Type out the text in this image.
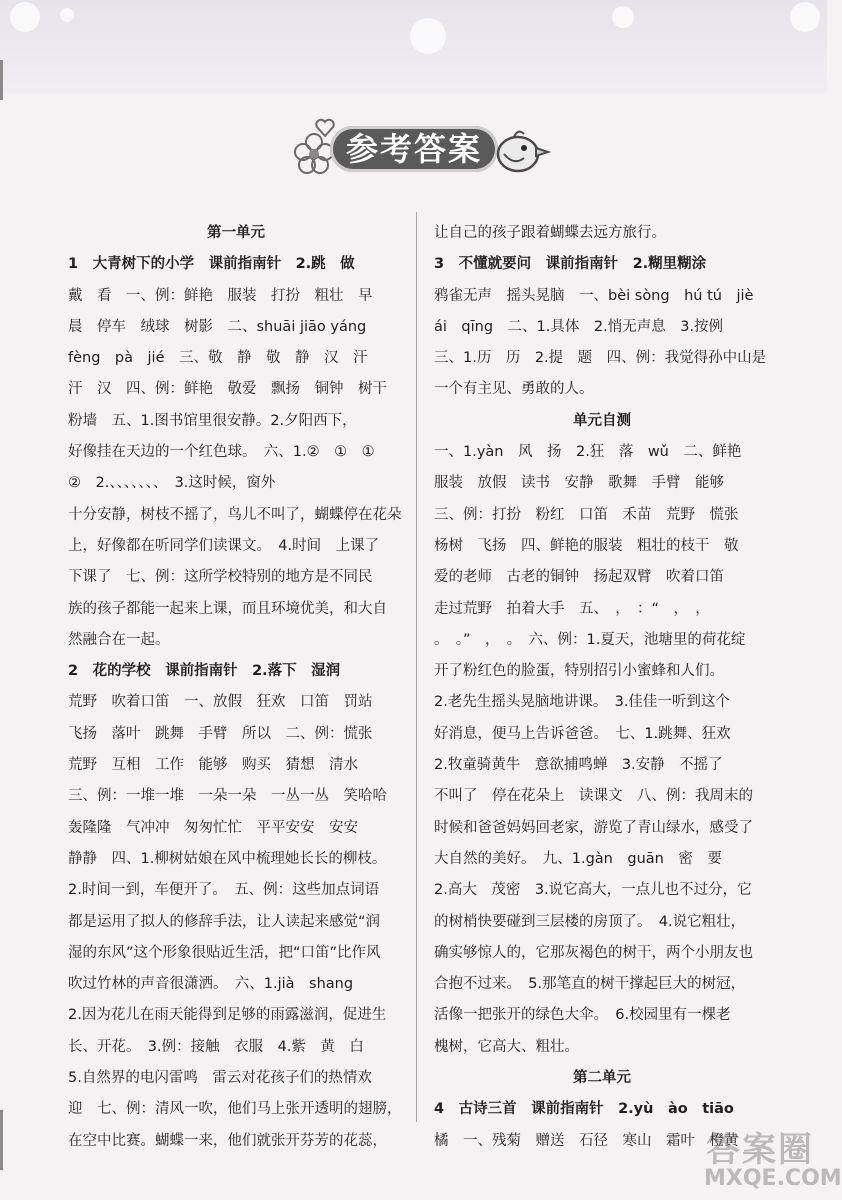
参考答案
第一单元
1　大青树下的小学　课前指南针　2.跳　做
戴　看　一、例：鲜艳　服装　打扮　粗壮　早
晨　停车　绒球　树影　二、shuāi jiāo yáng
fèng　pà　jié　三、敬　静　敬　静　汉　汗
汗　汉　四、例：鲜艳　敬爱　飘扬　铜钟　树干
粉墙　五、1.图书馆里很安静。2.夕阳西下，
好像挂在天边的一个红色球。　六、1.②　①　①
②　2.、、、、、、、　3.这时候，窗外
十分安静，树枝不摇了，鸟儿不叫了，蝴蝶停在花朵
上，好像都在听同学们读课文。　4.时间　上课了
下课了　七、例：这所学校特别的地方是不同民
族的孩子都能一起来上课，而且环境优美，和大自
然融合在一起。
2　花的学校　课前指南针　2.落下　湿润
荒野　吹着口笛　一、放假　狂欢　口笛　罚站
飞扬　落叶　跳舞　手臂　所以　二、例：慌张
荒野　互相　工作　能够　购买　猜想　清水
三、例：一堆一堆　一朵一朵　一丛一丛　笑哈哈
轰隆隆　气冲冲　匆匆忙忙　平平安安　安安
静静　四、1.柳树姑娘在风中梳理她长长的柳枝。
2.时间一到，车便开了。　五、例：这些加点词语
都是运用了拟人的修辞手法，让人读起来感觉“润
湿的东风”这个形象很贴近生活，把“口笛”比作风
吹过竹林的声音很潇洒。　六、1.jià　shang
2.因为花儿在雨天能得到足够的雨露滋润，促进生
长、开花。　3.例：接触　衣服　4.紫　黄　白
5.自然界的电闪雷鸣　雷云对花孩子们的热情欢
迎　七、例：清风一吹，他们马上张开透明的翅膀，
在空中比赛。蝴蝶一来，他们就张开芬芳的花蕊，
让自己的孩子跟着蝴蝶去远方旅行。
3　不懂就要问　课前指南针　2.糊里糊涂
鸦雀无声　摇头晃脑　一、bèi sòng　hú tú　jiè
ái　qīng　二、1.具体　2.悄无声息　3.按例
三、1.历　历　2.提　题　四、例：我觉得孙中山是
一个有主见、勇敢的人。
单元自测
一、1.yàn　风　扬　2.狂　落　wǔ　二、鲜艳
服装　放假　读书　安静　歌舞　手臂　能够
三、例：打扮　粉红　口笛　禾苗　荒野　慌张
杨树　飞扬　四、鲜艳的服装　粗壮的枝干　敬
爱的老师　古老的铜钟　扬起双臂　吹着口笛
走过荒野　拍着大手　五、　，　：“　，　，
。　。”　，　。　六、例：1.夏天，池塘里的荷花绽
开了粉红色的脸蛋，特别招引小蜜蜂和人们。
2.老先生摇头晃脑地讲课。　3.佳佳一听到这个
好消息，便马上告诉爸爸。　七、1.跳舞、狂欢
2.牧童骑黄牛　意欲捕鸣蝉　3.安静　不摇了
不叫了　停在花朵上　读课文　八、例：我周末的
时候和爸爸妈妈回老家，游览了青山绿水，感受了
大自然的美好。　九、1.gàn　guān　密　要
2.高大　茂密　3.说它高大，一点儿也不过分，它
的树梢快要碰到三层楼的房顶了。　4.说它粗壮，
确实够惊人的，它那灰褐色的树干，两个小朋友也
合抱不过来。　5.那笔直的树干撑起巨大的树冠，
活像一把张开的绿色大伞。　6.校园里有一棵老
槐树，它高大、粗壮。
第二单元
4　古诗三首　课前指南针　2.yù　ào　tiāo
橘　一、残菊　赠送　石径　寒山　霜叶　橙黄
答案圈
MXQE.COM
